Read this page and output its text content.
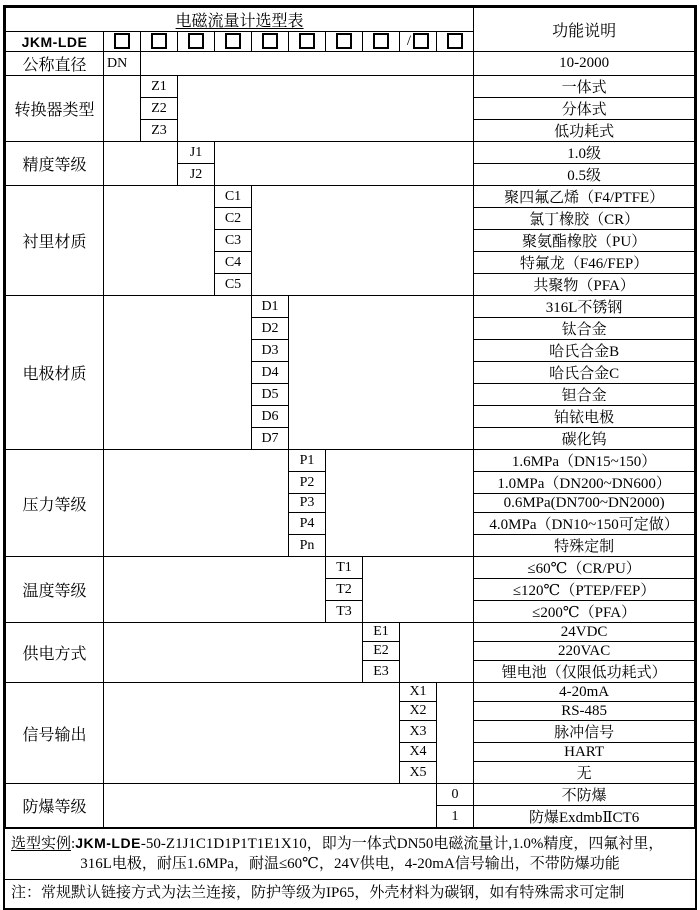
电磁流量计选型表											功能说明
JKM-LDE									/		
公称直径	DN										10-2000
转换器类型		Z1									一体式
		Z2									分体式
		Z3									低功耗式
精度等级			J1								1.0级
			J2								0.5级
衬里材质				C1							聚四氟乙烯（F4/PTFE）
				C2							氯丁橡胶（CR）
				C3							聚氨酯橡胶（PU）
				C4							特氟龙（F46/FEP）
				C5							共聚物（PFA）
电极材质					D1						316L不锈钢
					D2						钛合金
					D3						哈氏合金B
					D4						哈氏合金C
					D5						钽合金
					D6						铂铱电极
					D7						碳化钨
压力等级						P1					1.6MPa（DN15~150）
						P2					1.0MPa（DN200~DN600）
						P3					0.6MPa(DN700~DN2000)
						P4					4.0MPa（DN10~150可定做）
						Pn					特殊定制
温度等级							T1				≤60℃（CR/PU）
							T2				≤120℃（PTEP/FEP）
							T3				≤200℃（PFA）
供电方式								E1			24VDC
								E2			220VAC
								E3			锂电池（仅限低功耗式）
信号输出									X1		4-20mA
									X2		RS-485
									X3		脉冲信号
									X4		HART
									X5		无
防爆等级										0	不防爆
										1	防爆ExdmbⅡCT6
选型实例:JKM-LDE-50-Z1J1C1D1P1T1E1X10，即为一体式DN50电磁流量计,1.0%精度，四氟衬里，
316L电极，耐压1.6MPa，耐温≤60℃，24V供电，4-20mA信号输出，不带防爆功能
注：常规默认链接方式为法兰连接，防护等级为IP65，外壳材料为碳钢，如有特殊需求可定制
